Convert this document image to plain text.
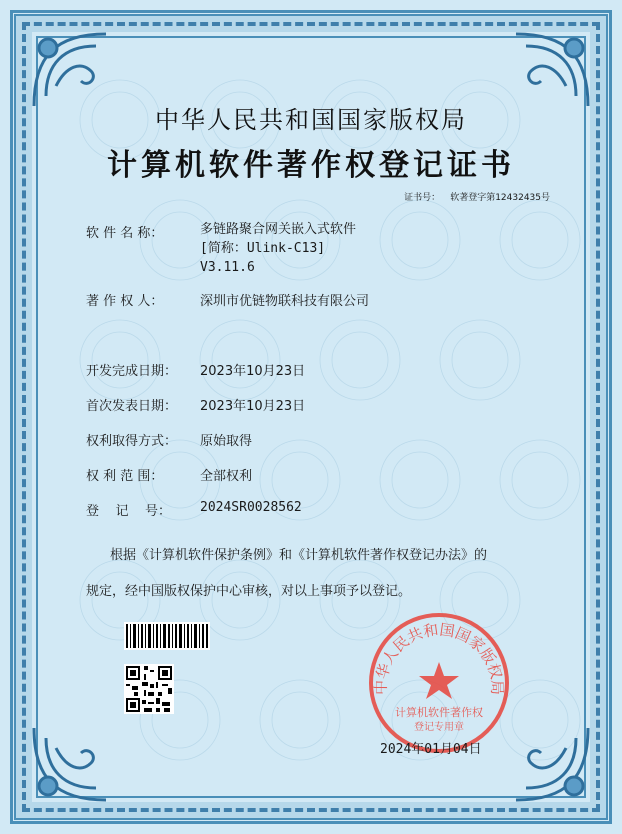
中华人民共和国国家版权局
计算机软件著作权登记证书
证书号： 软著登字第12432435号
软 件 名 称：	多链路聚合网关嵌入式软件
[简称：Ulink-C13]
V3.11.6
著 作 权 人：	深圳市优链物联科技有限公司
开发完成日期： 2023年10月23日
首次发表日期： 2023年10月23日
权利取得方式： 原始取得
权 利 范 围：	全部权利
登    记    号： 2024SR0028562
根据《计算机软件保护条例》和《计算机软件著作权登记办法》的
规定，经中国版权保护中心审核，对以上事项予以登记。
中华人民共和国国家版权局
计算机软件著作权
登记专用章
2024年01月04日
